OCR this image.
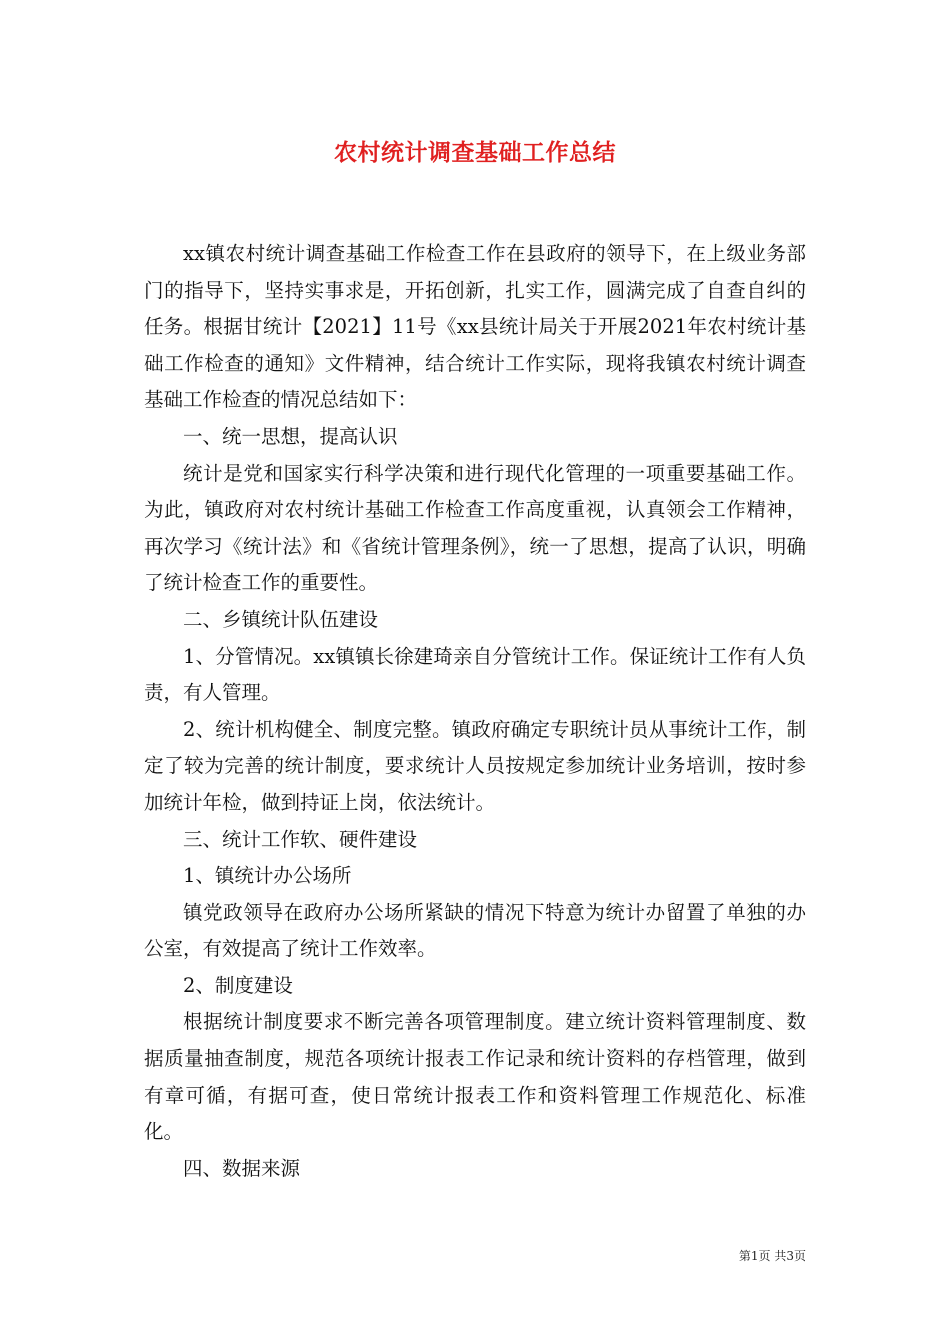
农村统计调查基础工作总结

xx镇农村统计调查基础工作检查工作在县政府的领导下，在上级业务部门的指导下，坚持实事求是，开拓创新，扎实工作，圆满完成了自查自纠的任务。根据甘统计【2021】11号《xx县统计局关于开展2021年农村统计基础工作检查的通知》文件精神，结合统计工作实际，现将我镇农村统计调查基础工作检查的情况总结如下：

一、统一思想，提高认识

统计是党和国家实行科学决策和进行现代化管理的一项重要基础工作。为此，镇政府对农村统计基础工作检查工作高度重视，认真领会工作精神，再次学习《统计法》和《省统计管理条例》，统一了思想，提高了认识，明确了统计检查工作的重要性。

二、乡镇统计队伍建设

1、分管情况。xx镇镇长徐建琦亲自分管统计工作。保证统计工作有人负责，有人管理。

2、统计机构健全、制度完整。镇政府确定专职统计员从事统计工作，制定了较为完善的统计制度，要求统计人员按规定参加统计业务培训，按时参加统计年检，做到持证上岗，依法统计。

三、统计工作软、硬件建设

1、镇统计办公场所

镇党政领导在政府办公场所紧缺的情况下特意为统计办留置了单独的办公室，有效提高了统计工作效率。

2、制度建设

根据统计制度要求不断完善各项管理制度。建立统计资料管理制度、数据质量抽查制度，规范各项统计报表工作记录和统计资料的存档管理，做到有章可循，有据可查，使日常统计报表工作和资料管理工作规范化、标准化。

四、数据来源

第1页 共3页
